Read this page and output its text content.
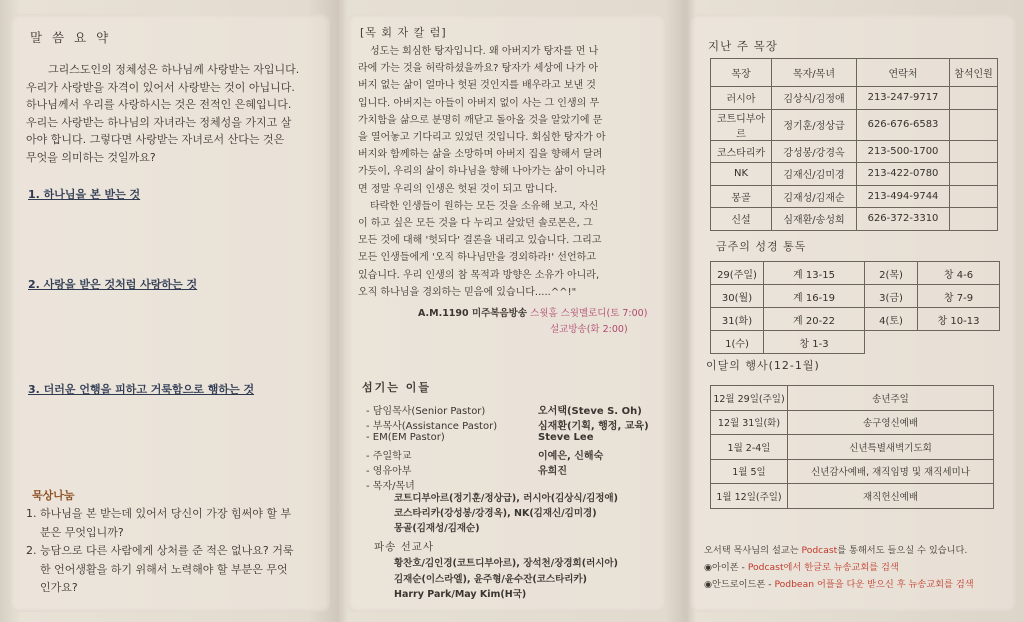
말 씀 요 약
그리스도인의 정체성은 하나님께 사랑받는 자입니다.
우리가 사랑받을 자격이 있어서 사랑받는 것이 아닙니다.
하나님께서 우리를 사랑하시는 것은 전적인 은혜입니다.
우리는 사랑받는 하나님의 자녀라는 정체성을 가지고 살
아야 합니다. 그렇다면 사랑받는 자녀로서 산다는 것은
무엇을 의미하는 것일까요?
1. 하나님을 본 받는 것
2. 사랑을 받은 것처럼 사랑하는 것
3. 더러운 언행을 피하고 거룩함으로 행하는 것
묵상나눔
1. 하나님을 본 받는데 있어서 당신이 가장 힘써야 할 부
분은 무엇입니까?
2. 능담으로 다른 사람에게 상처를 준 적은 없나요? 거룩
한 언어생활을 하기 위해서 노력해야 할 부분은 무엇
인가요?
[목 회 자 칼 럼]
성도는 회심한 탕자입니다. 왜 아버지가 탕자를 먼 나
라에 가는 것을 허락하셨을까요? 탕자가 세상에 나가 아
버지 없는 삶이 얼마나 헛된 것인지를 배우라고 보낸 것
입니다. 아버지는 아들이 아버지 없이 사는 그 인생의 무
가치함을 삶으로 분명히 깨닫고 돌아올 것을 알았기에 문
을 열어놓고 기다리고 있었던 것입니다. 회심한 탕자가 아
버지와 함께하는 삶을 소망하며 아버지 집을 향해서 달려
가듯이, 우리의 삶이 하나님을 향해 나아가는 삶이 아니라
면 정말 우리의 인생은 헛된 것이 되고 맙니다.
타락한 인생들이 원하는 모든 것을 소유해 보고, 자신
이 하고 싶은 모든 것을 다 누리고 살았던 솔로몬은, 그
모든 것에 대해 '헛되다' 결론을 내리고 있습니다. 그리고
모든 인생들에게 '오직 하나님만을 경외하라!' 선언하고
있습니다. 우리 인생의 참 목적과 방향은 소유가 아니라,
오직 하나님을 경외하는 믿음에 있습니다.....^^!"
A.M.1190 미주복음방송 스윗홈 스윗멜로디(토 7:00)
설교방송(화 2:00)
섬기는 이들
- 담임목사(Senior Pastor)	오서택(Steve S. Oh)
- 부목사(Assistance Pastor)	심재환(기획, 행정, 교육)
- EM(EM Pastor)	Steve Lee
- 주일학교	이예은, 신해숙
- 영유아부	유희진
- 목자/목녀
코트디부아르(정기훈/정상급), 러시아(김상식/김정애)
코스타리카(강성봉/강경옥), NK(김재신/김미경)
몽골(김재성/김재순)
파송 선교사
황찬호/김인경(코트디부아르), 장석천/장경희(러시아)
김재순(이스라엘), 윤주형/윤수잔(코스타리카)
Harry Park/May Kim(H국)
지난 주 목장
목장	목자/목녀	연락처	참석인원
러시아	김상식/김정애	213-247-9717	
코트디부아르	정기훈/정상급	626-676-6583	
코스타리카	강성봉/강경옥	213-500-1700	
NK	김재신/김미경	213-422-0780	
몽골	김재성/김재순	213-494-9744	
신설	심재환/송성희	626-372-3310	
금주의 성경 통독
29(주일)	계 13-15	2(목)	창 4-6
30(월)	계 16-19	3(금)	창 7-9
31(화)	계 20-22	4(토)	창 10-13
1(수)	창 1-3		
이달의 행사(12-1월)
12월 29일(주일)	송년주일
12월 31일(화)	송구영신예배
1월 2-4일	신년특별새벽기도회
1월 5일	신년감사예배, 재직임명 및 재직세미나
1월 12일(주일)	재직헌신예배
오서택 목사님의 설교는 Podcast를 통해서도 들으실 수 있습니다.
◉아이폰 - Podcast에서 한글로 뉴송교회를 검색
◉안드로이드폰 - Podbean 어플을 다운 받으신 후 뉴송교회를 검색
